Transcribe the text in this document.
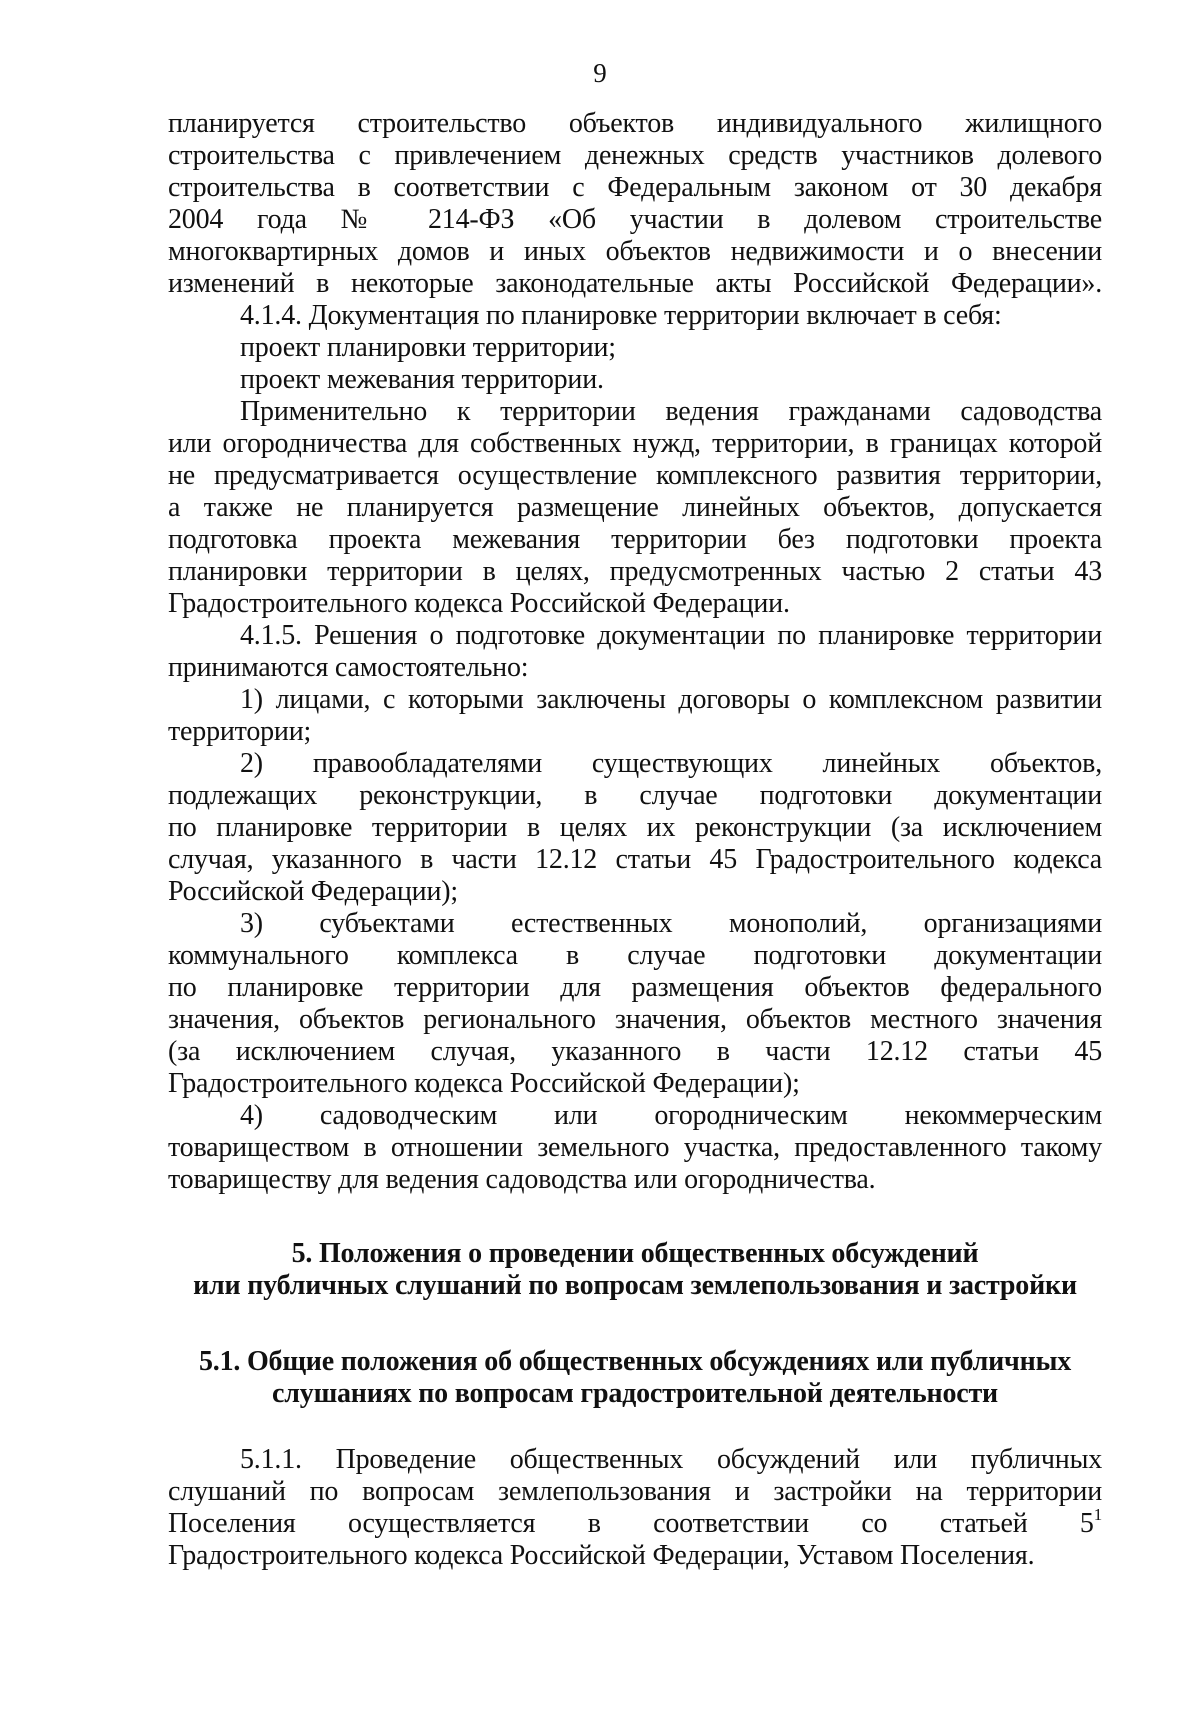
9
планируется строительство объектов индивидуального жилищного
строительства с привлечением денежных средств участников долевого
строительства в соответствии с Федеральным законом от 30 декабря
2004 года № 214-ФЗ «Об участии в долевом строительстве
многоквартирных домов и иных объектов недвижимости и о внесении
изменений в некоторые законодательные акты Российской Федерации».
4.1.4. Документация по планировке территории включает в себя:
проект планировки территории;
проект межевания территории.
Применительно к территории ведения гражданами садоводства
или огородничества для собственных нужд, территории, в границах которой
не предусматривается осуществление комплексного развития территории,
а также не планируется размещение линейных объектов, допускается
подготовка проекта межевания территории без подготовки проекта
планировки территории в целях, предусмотренных частью 2 статьи 43
Градостроительного кодекса Российской Федерации.
4.1.5. Решения о подготовке документации по планировке территории
принимаются самостоятельно:
1) лицами, с которыми заключены договоры о комплексном развитии
территории;
2) правообладателями существующих линейных объектов,
подлежащих реконструкции, в случае подготовки документации
по планировке территории в целях их реконструкции (за исключением
случая, указанного в части 12.12 статьи 45 Градостроительного кодекса
Российской Федерации);
3) субъектами естественных монополий, организациями
коммунального комплекса в случае подготовки документации
по планировке территории для размещения объектов федерального
значения, объектов регионального значения, объектов местного значения
(за исключением случая, указанного в части 12.12 статьи 45
Градостроительного кодекса Российской Федерации);
4) садоводческим или огородническим некоммерческим
товариществом в отношении земельного участка, предоставленного такому
товариществу для ведения садоводства или огородничества.
5. Положения о проведении общественных обсуждений
или публичных слушаний по вопросам землепользования и застройки
5.1. Общие положения об общественных обсуждениях или публичных
слушаниях по вопросам градостроительной деятельности
5.1.1. Проведение общественных обсуждений или публичных
слушаний по вопросам землепользования и застройки на территории
Поселения осуществляется в соответствии со статьей $5^1$
Градостроительного кодекса Российской Федерации, Уставом Поселения.
